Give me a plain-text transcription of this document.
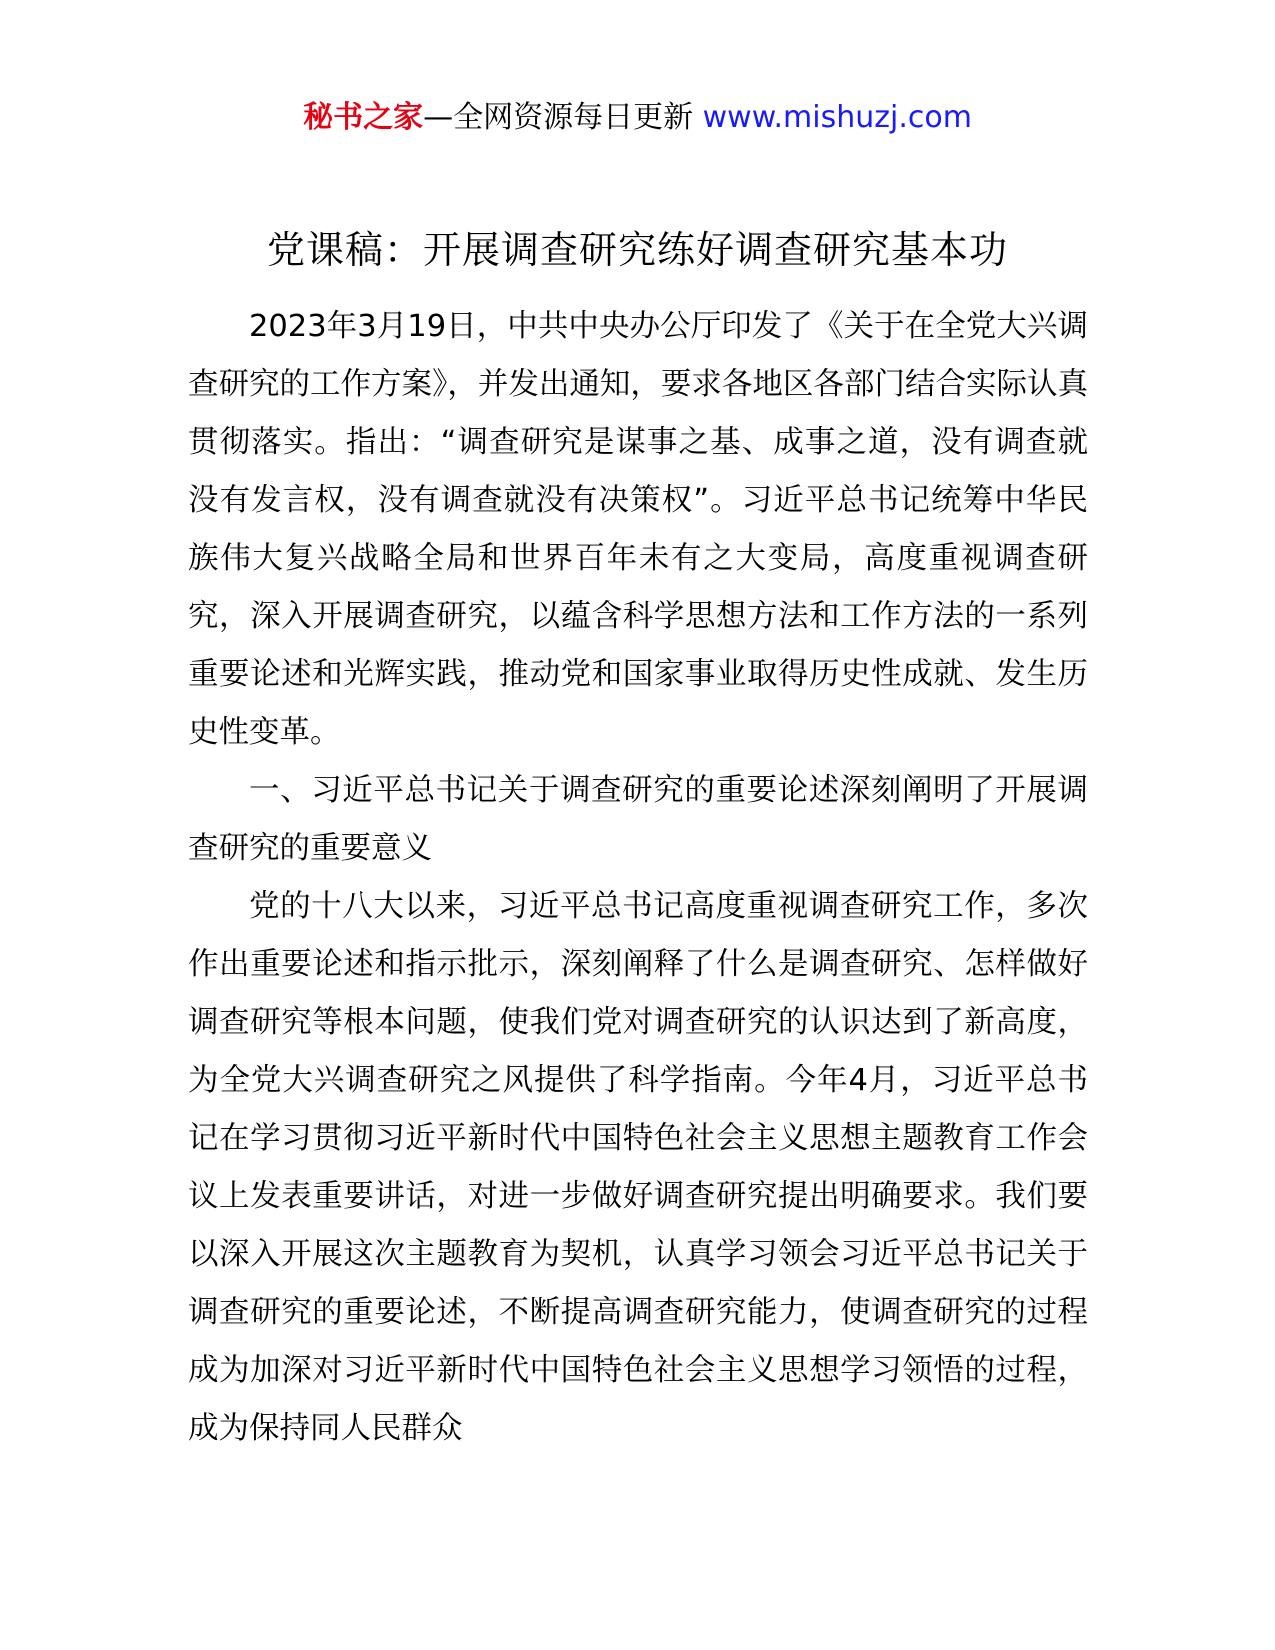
秘书之家—全网资源每日更新 www.mishuzj.com
党课稿：开展调查研究练好调查研究基本功

2023年3月19日，中共中央办公厅印发了《关于在全党大兴调查研究的工作方案》，并发出通知，要求各地区各部门结合实际认真贯彻落实。指出：“调查研究是谋事之基、成事之道，没有调查就没有发言权，没有调查就没有决策权”。习近平总书记统筹中华民族伟大复兴战略全局和世界百年未有之大变局，高度重视调查研究，深入开展调查研究，以蕴含科学思想方法和工作方法的一系列重要论述和光辉实践，推动党和国家事业取得历史性成就、发生历史性变革。

一、习近平总书记关于调查研究的重要论述深刻阐明了开展调查研究的重要意义

党的十八大以来，习近平总书记高度重视调查研究工作，多次作出重要论述和指示批示，深刻阐释了什么是调查研究、怎样做好调查研究等根本问题，使我们党对调查研究的认识达到了新高度，为全党大兴调查研究之风提供了科学指南。今年4月，习近平总书记在学习贯彻习近平新时代中国特色社会主义思想主题教育工作会议上发表重要讲话，对进一步做好调查研究提出明确要求。我们要以深入开展这次主题教育为契机，认真学习领会习近平总书记关于调查研究的重要论述，不断提高调查研究能力，使调查研究的过程成为加深对习近平新时代中国特色社会主义思想学习领悟的过程，成为保持同人民群众
